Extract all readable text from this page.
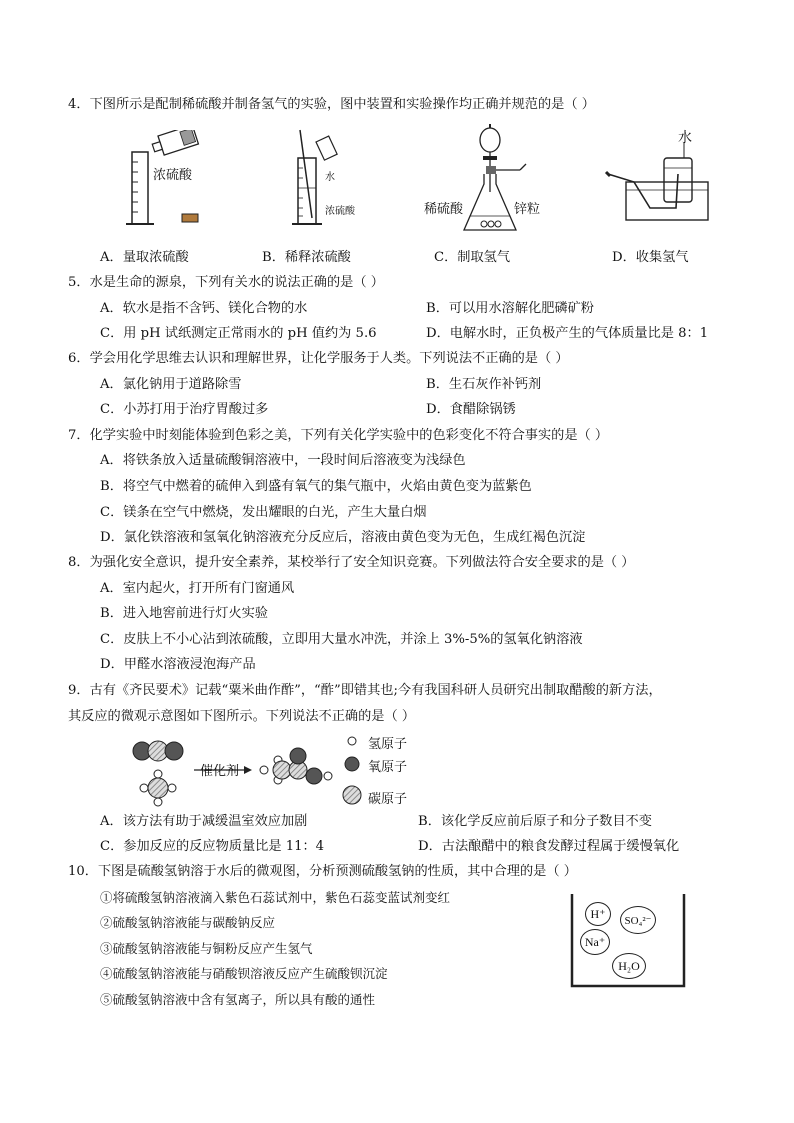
4．下图所示是配制稀硫酸并制备氢气的实验，图中装置和实验操作均正确并规范的是（ ）
浓硫酸	水
浓硫酸	稀硫酸	锌粒
水
A．量取浓硫酸	B．稀释浓硫酸	C．制取氢气	D．收集氢气
5．水是生命的源泉，下列有关水的说法正确的是（ ）
A．软水是指不含钙、镁化合物的水	B．可以用水溶解化肥磷矿粉
C．用 pH 试纸测定正常雨水的 pH 值约为 5.6	D．电解水时，正负极产生的气体质量比是 8：1
6．学会用化学思维去认识和理解世界，让化学服务于人类。下列说法不正确的是（ ）
A．氯化钠用于道路除雪	B．生石灰作补钙剂
C．小苏打用于治疗胃酸过多	D．食醋除锅锈
7．化学实验中时刻能体验到色彩之美，下列有关化学实验中的色彩变化不符合事实的是（ ）
A．将铁条放入适量硫酸铜溶液中，一段时间后溶液变为浅绿色
B．将空气中燃着的硫伸入到盛有氧气的集气瓶中，火焰由黄色变为蓝紫色
C．镁条在空气中燃烧，发出耀眼的白光，产生大量白烟
D．氯化铁溶液和氢氧化钠溶液充分反应后，溶液由黄色变为无色，生成红褐色沉淀
8．为强化安全意识，提升安全素养，某校举行了安全知识竞赛。下列做法符合安全要求的是（ ）
A．室内起火，打开所有门窗通风
B．进入地窖前进行灯火实验
C．皮肤上不小心沾到浓硫酸，立即用大量水冲洗，并涂上 3%-5%的氢氧化钠溶液
D．甲醛水溶液浸泡海产品
9．古有《齐民要术》记载“粟米曲作酢”，“酢”即错其也;今有我国科研人员研究出制取醋酸的新方法，
其反应的微观示意图如下图所示。下列说法不正确的是（ ）
催化剂
氢原子
氧原子
碳原子
A．该方法有助于减缓温室效应加剧	B．该化学反应前后原子和分子数目不变
C．参加反应的反应物质量比是 11：4	D．古法酿醋中的粮食发酵过程属于缓慢氧化
10．下图是硫酸氢钠溶于水后的微观图，分析预测硫酸氢钠的性质，其中合理的是（ ）
①将硫酸氢钠溶液滴入紫色石蕊试剂中，紫色石蕊变蓝试剂变红
②硫酸氢钠溶液能与碳酸钠反应
③硫酸氢钠溶液能与铜粉反应产生氢气
④硫酸氢钠溶液能与硝酸钡溶液反应产生硫酸钡沉淀
⑤硫酸氢钠溶液中含有氢离子，所以具有酸的通性
H⁺	SO₄²⁻
Na⁺
H₂O
